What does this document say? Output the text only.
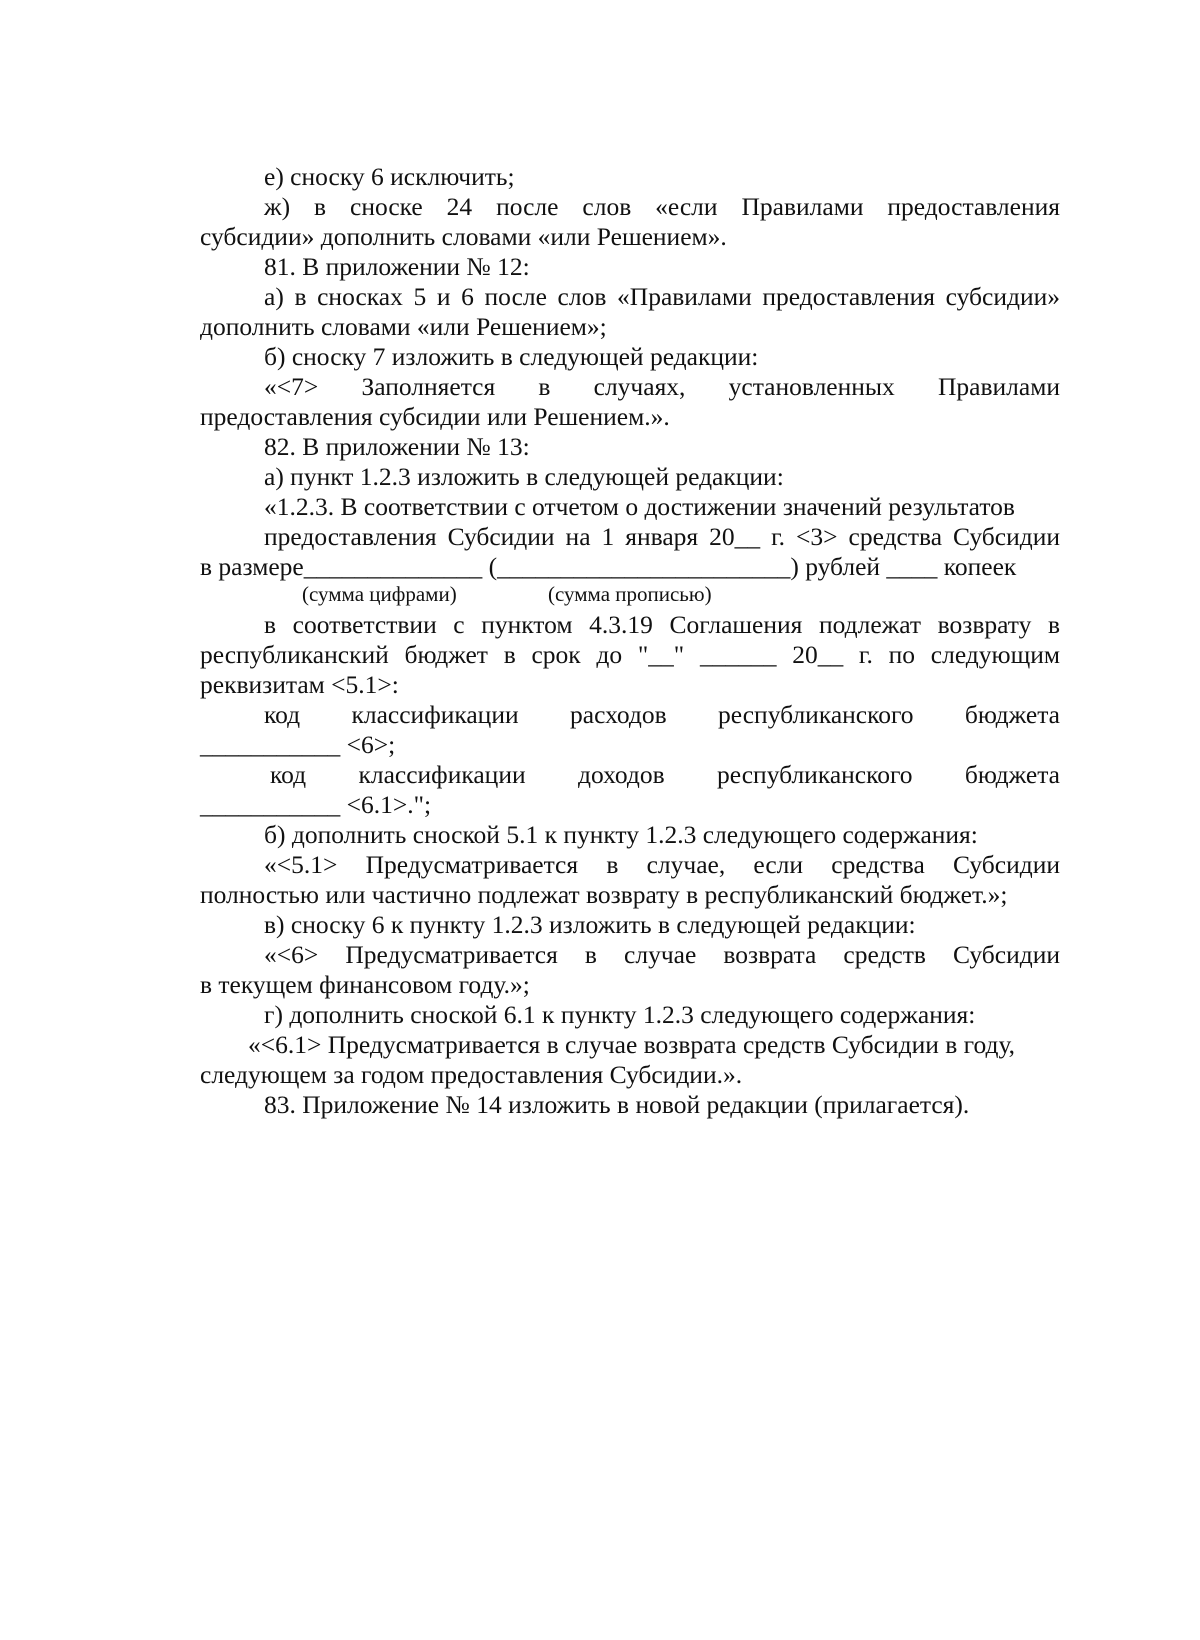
е) сноску 6 исключить;
ж) в сноске 24 после слов «если Правилами предоставления
субсидии» дополнить словами «или Решением».
81. В приложении № 12:
а) в сносках 5 и 6 после слов «Правилами предоставления субсидии»
дополнить словами «или Решением»;
б) сноску 7 изложить в следующей редакции:
«<7> Заполняется в случаях, установленных Правилами
предоставления субсидии или Решением.».
82. В приложении № 13:
а) пункт 1.2.3 изложить в следующей редакции:
«1.2.3. В соответствии с отчетом о достижении значений результатов
предоставления Субсидии на 1 января 20__ г. <3> средства Субсидии
в размере______________ (_______________________) рублей ____ копеек
(сумма цифрами)	(сумма прописью)
в соответствии с пунктом 4.3.19 Соглашения подлежат возврату в
республиканский бюджет в срок до "__" ______ 20__ г. по следующим
реквизитам <5.1>:
код классификации расходов республиканского бюджета
___________ <6>;
код классификации доходов республиканского бюджета
___________ <6.1>.";
б) дополнить сноской 5.1 к пункту 1.2.3 следующего содержания:
«<5.1> Предусматривается в случае, если средства Субсидии
полностью или частично подлежат возврату в республиканский бюджет.»;
в) сноску 6 к пункту 1.2.3 изложить в следующей редакции:
«<6> Предусматривается в случае возврата средств Субсидии
в текущем финансовом году.»;
г) дополнить сноской 6.1 к пункту 1.2.3 следующего содержания:
«<6.1> Предусматривается в случае возврата средств Субсидии в году,
следующем за годом предоставления Субсидии.».
83. Приложение № 14 изложить в новой редакции (прилагается).
